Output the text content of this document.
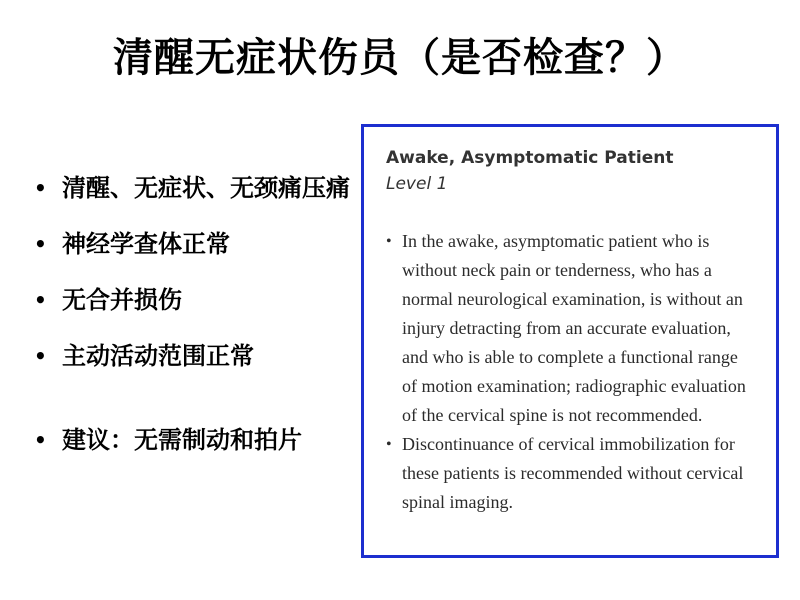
清醒无症状伤员（是否检查？）
• 清醒、无症状、无颈痛压痛
• 神经学查体正常
• 无合并损伤
• 主动活动范围正常
• 建议：无需制动和拍片

Awake, Asymptomatic Patient

Level 1

• In the awake, asymptomatic patient who is without neck pain or tenderness, who has a normal neurological examination, is without an injury detracting from an accurate evaluation, and who is able to complete a functional range of motion examination; radiographic evaluation of the cervical spine is not recommended.
• Discontinuance of cervical immobilization for these patients is recommended without cervical spinal imaging.
